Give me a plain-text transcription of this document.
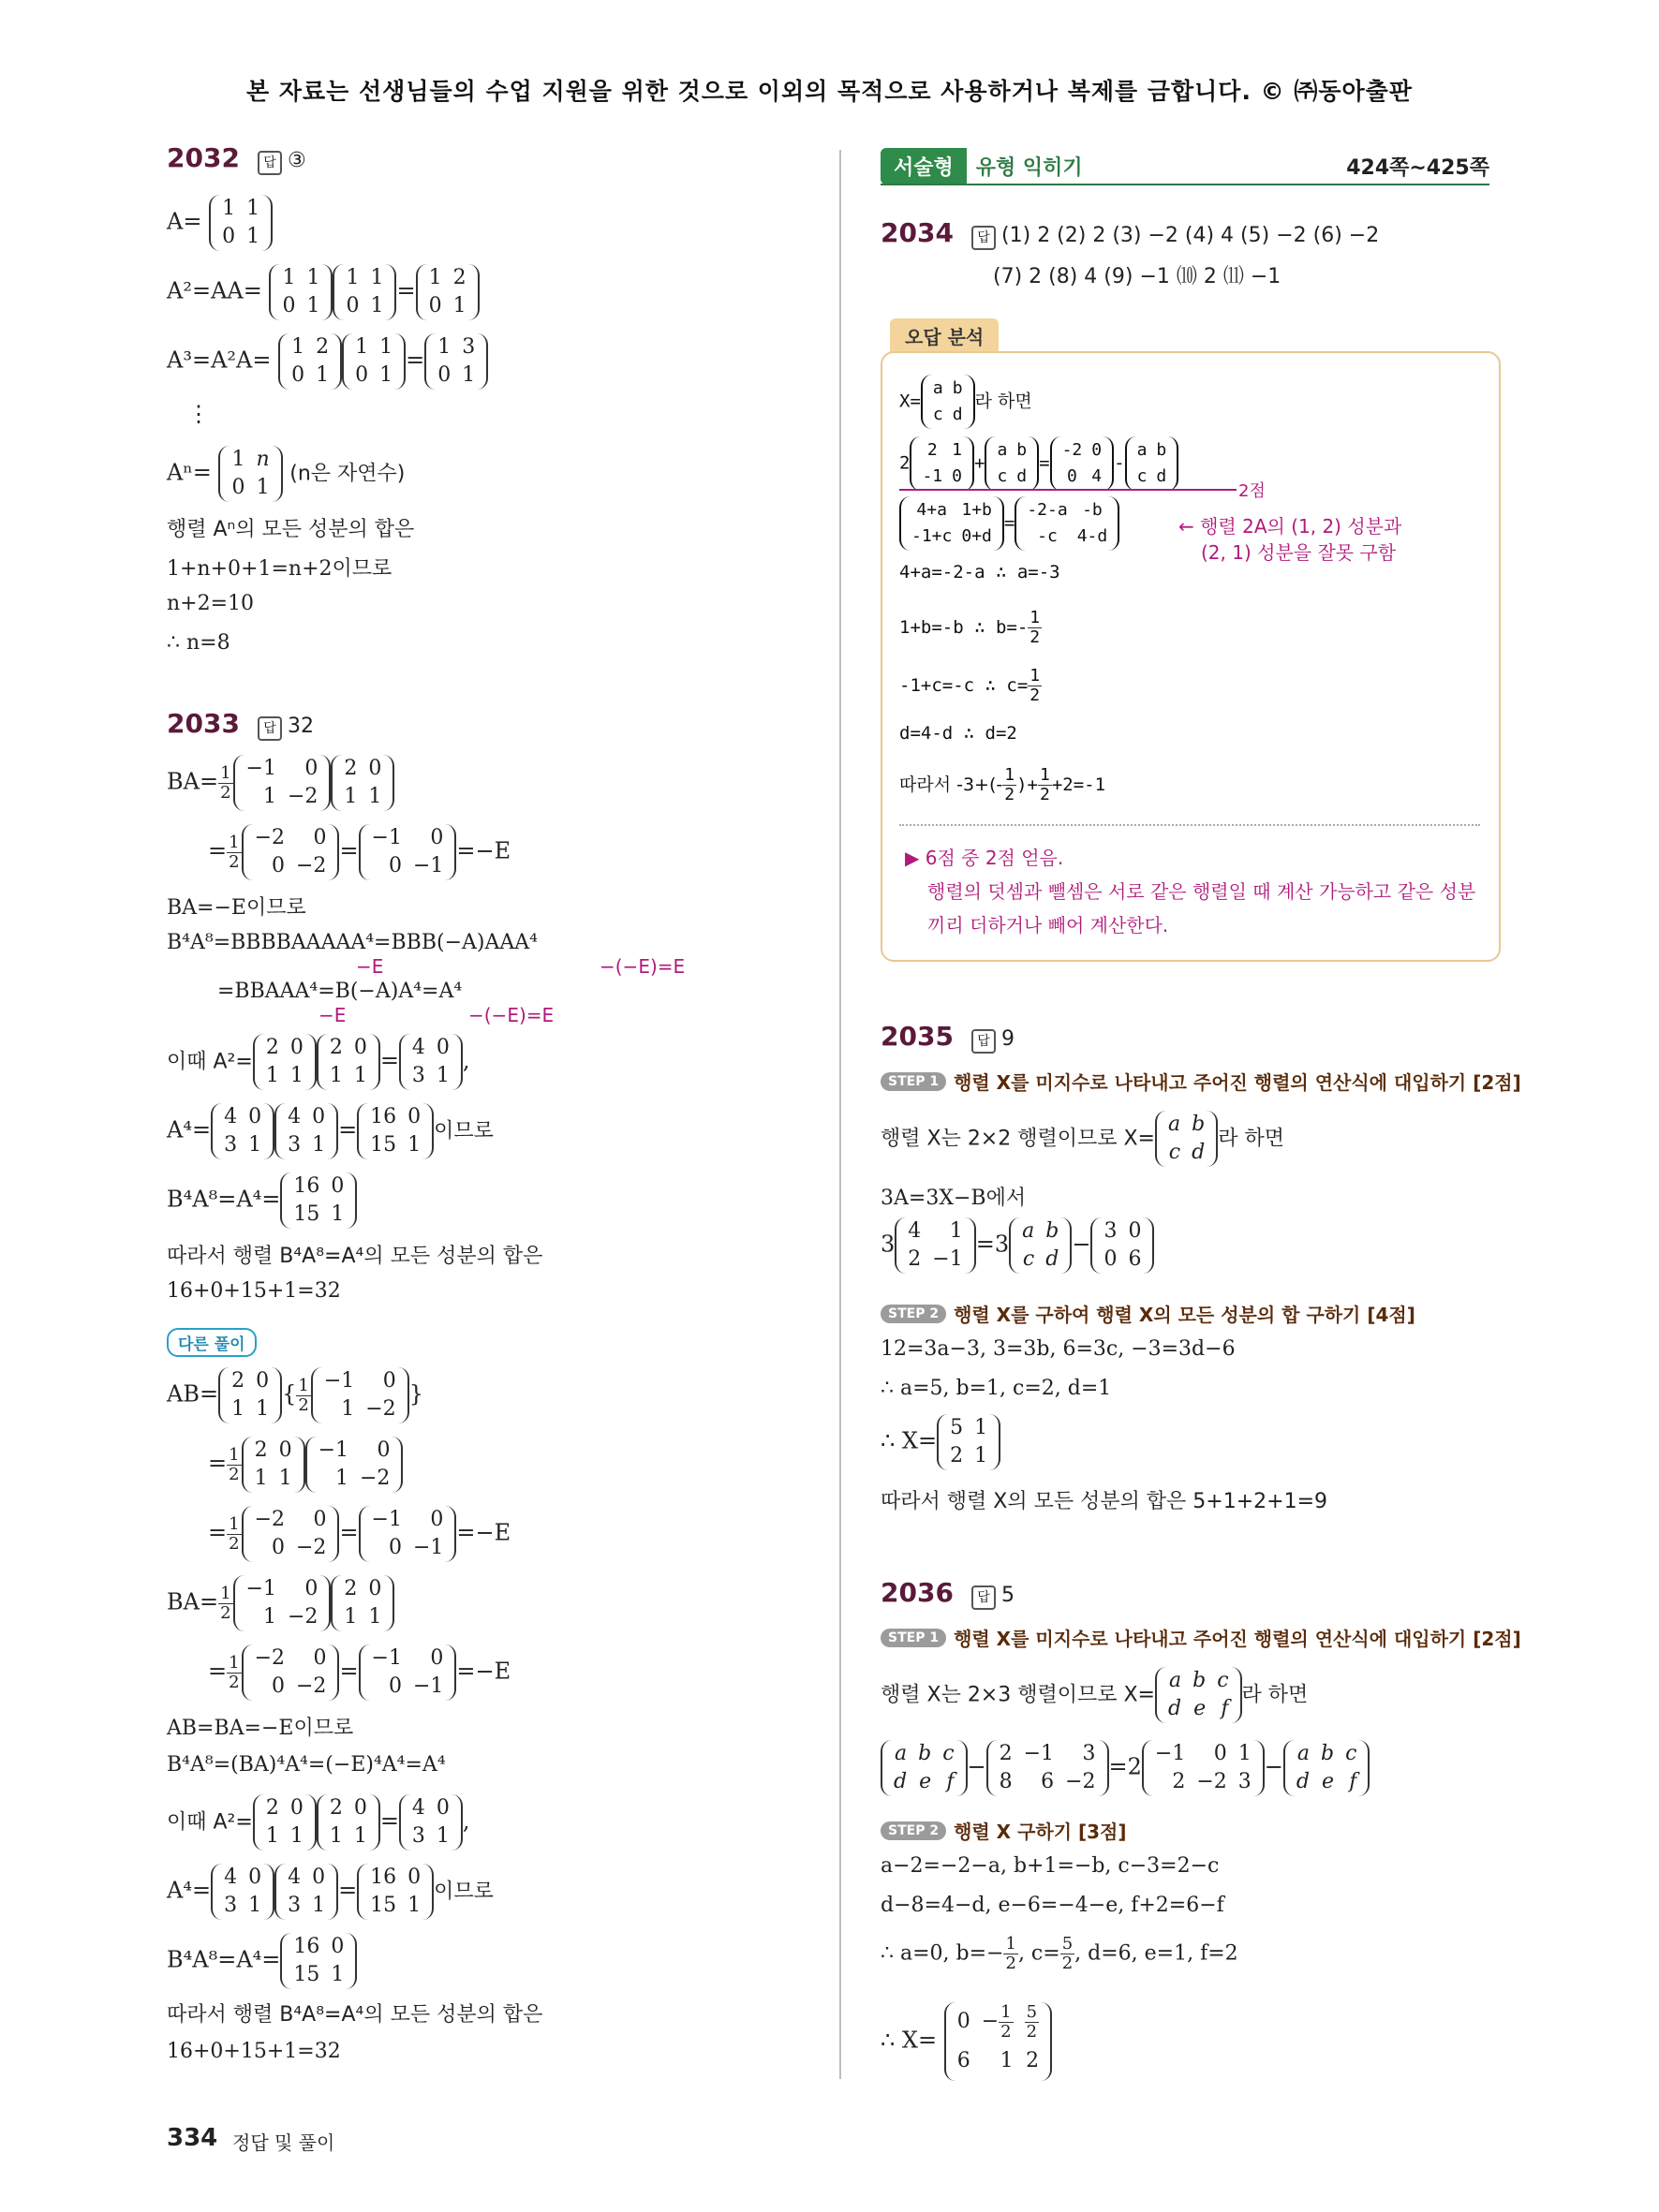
본 자료는 선생님들의 수업 지원을 위한 것으로 이외의 목적으로 사용하거나 복제를 금합니다. © ㈜동아출판
2032 답 ③
A= 1	1
0	1
A²=AA= 1	1
0	1
1	1
0	1
= 1	2
0	1
A³=A²A= 1	2
0	1
1	1
0	1
= 1	3
0	1
⋮
Aⁿ= 1	n
0	1
(n은 자연수)
행렬 Aⁿ의 모든 성분의 합은
1+n+0+1=n+2이므로
n+2=10
∴ n=8
2033 답 32
$BA= \frac{1}{2} -1$	0
1	−2
2	0
1	1
= $\frac{1}{2} -2$	0
0	−2
= −1	0
0	−1
=−E
BA=−E이므로
B⁴A⁸=BBBBAAAAA⁴=BBB(−A)AAA⁴
−E	−(−E)=E
=BBAAA⁴=B(−A)A⁴=A⁴
−E	−(−E)=E
이때 A²=
2	0
1	1
2	0
1	1
= 4	0
3	1
,
A⁴= 4	0
3	1
4	0
3	1
= 16	0
15	1
이므로
B⁴A⁸=A⁴= 16	0
15	1
따라서 행렬 B⁴A⁸=A⁴의 모든 성분의 합은
16+0+15+1=32
다른 풀이
AB= 2	0
1	1
{ $\frac{1}{2} -1$	0
1	−2
}
= $\frac{1}{2} 2$	0
1	1
−1	0
1	−2
= $\frac{1}{2} -2$	0
0	−2
= −1	0
0	−1
=−E
$BA= \frac{1}{2} -1$	0
1	−2
2	0
1	1
= $\frac{1}{2} -2$	0
0	−2
= −1	0
0	−1
=−E
AB=BA=−E이므로
B⁴A⁸=(BA)⁴A⁴=(−E)⁴A⁴=A⁴
이때 A²=
2	0
1	1
2	0
1	1
= 4	0
3	1
,
A⁴= 4	0
3	1
4	0
3	1
= 16	0
15	1
이므로
B⁴A⁸=A⁴= 16	0
15	1
따라서 행렬 B⁴A⁸=A⁴의 모든 성분의 합은
16+0+15+1=32
서술형 유형 익히기	424쪽~425쪽
2034 답 (1) 2 (2) 2 (3) −2 (4) 4 (5) −2 (6) −2
(7) 2 (8) 4 (9) −1 ⑽ 2 ⑾ −1
오답 분석
X=
a	b
c	d
라 하면
2
2	1
-1	0
+
a	b
c	d
=
-2	0
0	4
-
a	b
c	d
2점
4+a	1+b
-1+c	0+d
=
-2-a	-b
-c	4-d	← 행렬 2A의 (1, 2) 성분과
(2, 1) 성분을 잘못 구함
4+a=-2-a ∴ a=-3
1+b=-b ∴ $b=- \frac{1}{2}$
-1+c=-c ∴ $c= \frac{1}{2}$
d=4-d ∴ d=2
따라서 $-3+(- \frac{1}{2}$ )+ $\frac{1}{2} +2=-1$
▶ 6점 중 2점 얻음.
행렬의 덧셈과 뺄셈은 서로 같은 행렬일 때 계산 가능하고 같은 성분
끼리 더하거나 빼어 계산한다.
2035 답 9
STEP 1 행렬 X를 미지수로 나타내고 주어진 행렬의 연산식에 대입하기 [2점]
행렬 X는 2×2 행렬이므로 X=
a	b
c	d
라 하면
3A=3X−B에서
3 4	1
2	−1
=3 a	b
c	d
− 3	0
0	6
STEP 2 행렬 X를 구하여 행렬 X의 모든 성분의 합 구하기 [4점]
12=3a−3, 3=3b, 6=3c, −3=3d−6
∴ a=5, b=1, c=2, d=1
∴ X= 5	1
2	1
따라서 행렬 X의 모든 성분의 합은 5+1+2+1=9
2036 답 5
STEP 1 행렬 X를 미지수로 나타내고 주어진 행렬의 연산식에 대입하기 [2점]
행렬 X는 2×3 행렬이므로 X=
a	b	c
d	e	f
라 하면
a	b	c
d	e	f
− 2	−1	3
8	6	−2
=2 −1	0	1
2	−2	3
− a	b	c
d	e	f
STEP 2 행렬 X 구하기 [3점]
a−2=−2−a, b+1=−b, c−3=2−c
d−8=4−d, e−6=−4−e, f+2=6−f
∴ a=0, $b=- \frac{1}{2}$ , $c= \frac{5}{2}$ , d=6, e=1, f=2
∴ X=
0	− $\frac{1}{2}$	$\frac{5}{2}$

6	1	2
334 정답 및 풀이
